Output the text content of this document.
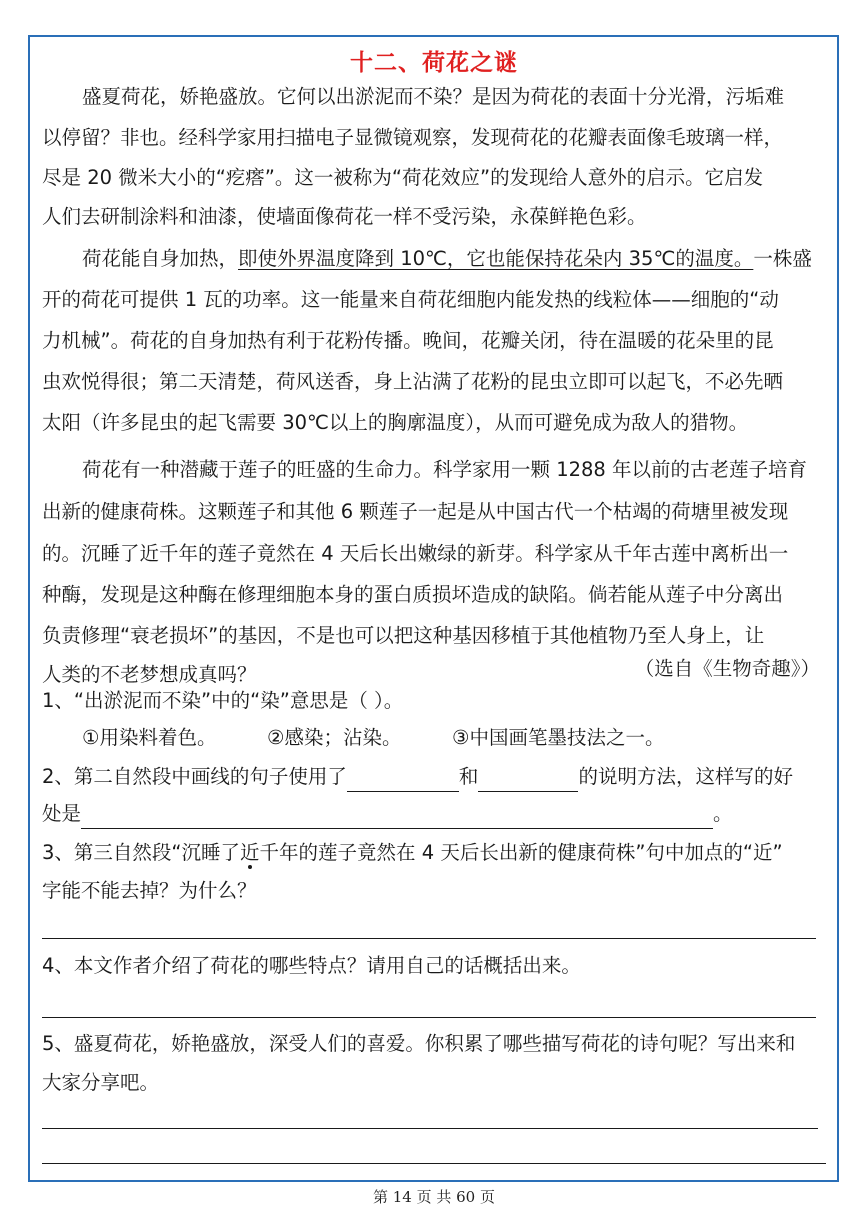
十二、荷花之谜
盛夏荷花，娇艳盛放。它何以出淤泥而不染？是因为荷花的表面十分光滑，污垢难
以停留？非也。经科学家用扫描电子显微镜观察，发现荷花的花瓣表面像毛玻璃一样，
尽是 20 微米大小的“疙瘩”。这一被称为“荷花效应”的发现给人意外的启示。它启发
人们去研制涂料和油漆，使墙面像荷花一样不受污染，永葆鲜艳色彩。
荷花能自身加热，即使外界温度降到 10℃，它也能保持花朵内 35℃的温度。一株盛
开的荷花可提供 1 瓦的功率。这一能量来自荷花细胞内能发热的线粒体——细胞的“动
力机械”。荷花的自身加热有利于花粉传播。晚间，花瓣关闭，待在温暖的花朵里的昆
虫欢悦得很；第二天清楚，荷风送香，身上沾满了花粉的昆虫立即可以起飞，不必先晒
太阳（许多昆虫的起飞需要 30℃以上的胸廓温度），从而可避免成为敌人的猎物。
荷花有一种潜藏于莲子的旺盛的生命力。科学家用一颗 1288 年以前的古老莲子培育
出新的健康荷株。这颗莲子和其他 6 颗莲子一起是从中国古代一个枯竭的荷塘里被发现
的。沉睡了近千年的莲子竟然在 4 天后长出嫩绿的新芽。科学家从千年古莲中离析出一
种酶，发现是这种酶在修理细胞本身的蛋白质损坏造成的缺陷。倘若能从莲子中分离出
负责修理“衰老损坏”的基因，不是也可以把这种基因移植于其他植物乃至人身上，让
人类的不老梦想成真吗？	（选自《生物奇趣》）
1、“出淤泥而不染”中的“染”意思是（ ）。
①用染料着色。	②感染；沾染。	③中国画笔墨技法之一。
2、第二自然段中画线的句子使用了	和	的说明方法，这样写的好
处是	。
3、第三自然段“沉睡了近千年的莲子竟然在 4 天后长出新的健康荷株”句中加点的“近”
字能不能去掉？为什么？
4、本文作者介绍了荷花的哪些特点？请用自己的话概括出来。
5、盛夏荷花，娇艳盛放，深受人们的喜爱。你积累了哪些描写荷花的诗句呢？写出来和
大家分享吧。
第 14 页 共 60 页
